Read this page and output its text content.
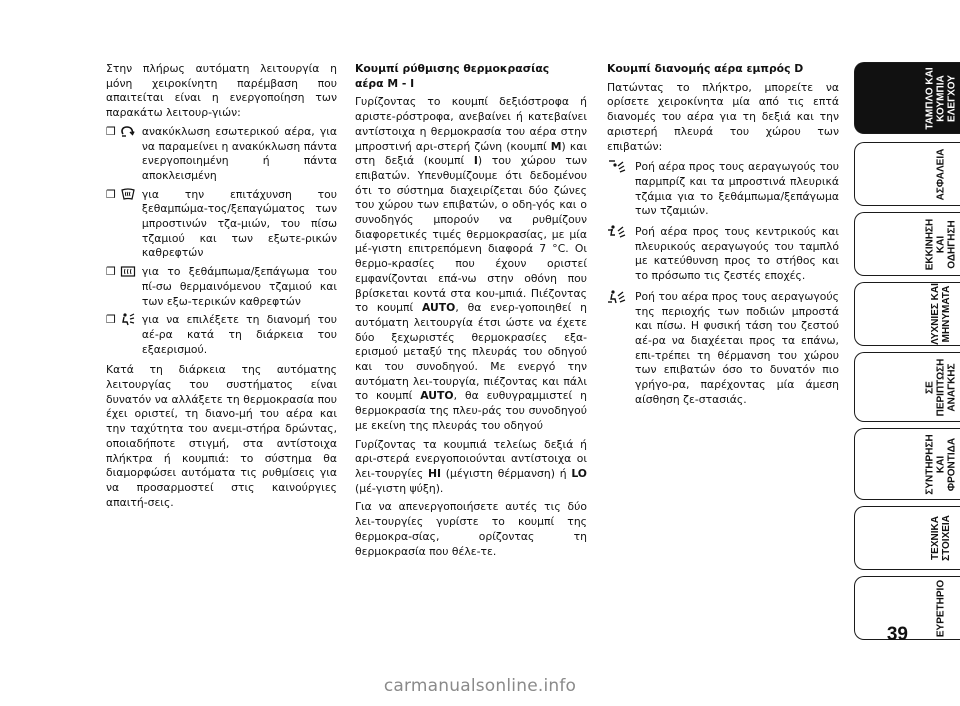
Στην πλήρως αυτόματη λειτουργία η μόνη χειροκίνητη παρέμβαση που απαιτείται είναι η ενεργοποίηση των παρακάτω λειτουρ-γιών:

❒ ανακύκλωση εσωτερικού αέρα, για να παραμείνει η ανακύκλωση πάντα ενεργοποιημένη ή πάντα αποκλεισμένη
❒ για την επιτάχυνση του ξεθαμπώμα-τος/ξεπαγώματος των μπροστινών τζα-μιών, του πίσω τζαμιού και των εξωτε-ρικών καθρεφτών
❒ για το ξεθάμπωμα/ξεπάγωμα του πί-σω θερμαινόμενου τζαμιού και των εξω-τερικών καθρεφτών
❒ για να επιλέξετε τη διανομή του αέ-ρα κατά τη διάρκεια του εξαερισμού.

Κατά τη διάρκεια της αυτόματης λειτουργίας του συστήματος είναι δυνατόν να αλλάξετε τη θερμοκρασία που έχει οριστεί, τη διανο-μή του αέρα και την ταχύτητα του ανεμι-στήρα δρώντας, οποιαδήποτε στιγμή, στα αντίστοιχα πλήκτρα ή κουμπιά: το σύστημα θα διαμορφώσει αυτόματα τις ρυθμίσεις για να προσαρμοστεί στις καινούργιες απαιτή-σεις.

Κουμπί ρύθμισης θερμοκρασίας
αέρα M - I

Γυρίζοντας το κουμπί δεξιόστροφα ή αριστε-ρόστροφα, ανεβαίνει ή κατεβαίνει αντίστοιχα η θερμοκρασία του αέρα στην μπροστινή αρι-στερή ζώνη (κουμπί M) και στη δεξιά (κουμπί I) του χώρου των επιβατών. Υπενθυμίζουμε ότι δεδομένου ότι το σύστημα διαχειρίζεται δύο ζώνες του χώρου των επιβατών, ο οδη-γός και ο συνοδηγός μπορούν να ρυθμίζουν διαφορετικές τιμές θερμοκρασίας, με μία μέ-γιστη επιτρεπόμενη διαφορά 7 °C. Οι θερμο-κρασίες που έχουν οριστεί εμφανίζονται επά-νω στην οθόνη που βρίσκεται κοντά στα κου-μπιά. Πιέζοντας το κουμπί AUTO, θα ενερ-γοποιηθεί η αυτόματη λειτουργία έτσι ώστε να έχετε δύο ξεχωριστές θερμοκρασίες εξα-ερισμού μεταξύ της πλευράς του οδηγού και του συνοδηγού. Με ενεργό την αυτόματη λει-τουργία, πιέζοντας και πάλι το κουμπί AUTO, θα ευθυγραμμιστεί η θερμοκρασία της πλευ-ράς του συνοδηγού με εκείνη της πλευράς του οδηγού

Γυρίζοντας τα κουμπιά τελείως δεξιά ή αρι-στερά ενεργοποιούνται αντίστοιχα οι λει-τουργίες HI (μέγιστη θέρμανση) ή LO (μέ-γιστη ψύξη).

Για να απενεργοποιήσετε αυτές τις δύο λει-τουργίες γυρίστε το κουμπί της θερμοκρα-σίας, ορίζοντας τη θερμοκρασία που θέλε-τε.

Κουμπί διανομής αέρα εμπρός D

Πατώντας το πλήκτρο, μπορείτε να ορίσετε χειροκίνητα μία από τις επτά διανομές του αέρα για τη δεξιά και την αριστερή πλευρά του χώρου των επιβατών:

Ροή αέρα προς τους αεραγωγούς του παρμπρίζ και τα μπροστινά πλευρικά τζάμια για το ξεθάμπωμα/ξεπάγωμα των τζαμιών.
Ροή αέρα προς τους κεντρικούς και πλευρικούς αεραγωγούς του ταμπλό με κατεύθυνση προς το στήθος και το πρόσωπο τις ζεστές εποχές.
Ροή του αέρα προς τους αεραγωγούς της περιοχής των ποδιών μπροστά και πίσω. Η φυσική τάση του ζεστού αέ-ρα να διαχέεται προς τα επάνω, επι-τρέπει τη θέρμανση του χώρου των επιβατών όσο το δυνατόν πιο γρήγο-ρα, παρέχοντας μία άμεση αίσθηση ζε-στασιάς.
ΤΑΜΠΛΟ ΚΑΙ
ΚΟΥΜΠΙΑ
ΕΛΕΓΧΟΥ
ΑΣΦΑΛΕΙΑ
ΕΚΚΙΝΗΣΗ
ΚΑΙ ΟΔΗΓΗΣΗ
ΛΥΧΝΙΕΣ ΚΑΙ
ΜΗΝΥΜΑΤΑ
ΣΕ ΠΕΡΙΠΤΩΣΗ
ΑΝΑΓΚΗΣ
ΣΥΝΤΗΡΗΣΗ
ΚΑΙ ΦΡΟΝΤΙΔΑ
ΤΕΧΝΙΚΑ
ΣΤΟΙΧΕΙΑ
ΕΥΡΕΤΗΡΙΟ
39
carmanualsonline.info
